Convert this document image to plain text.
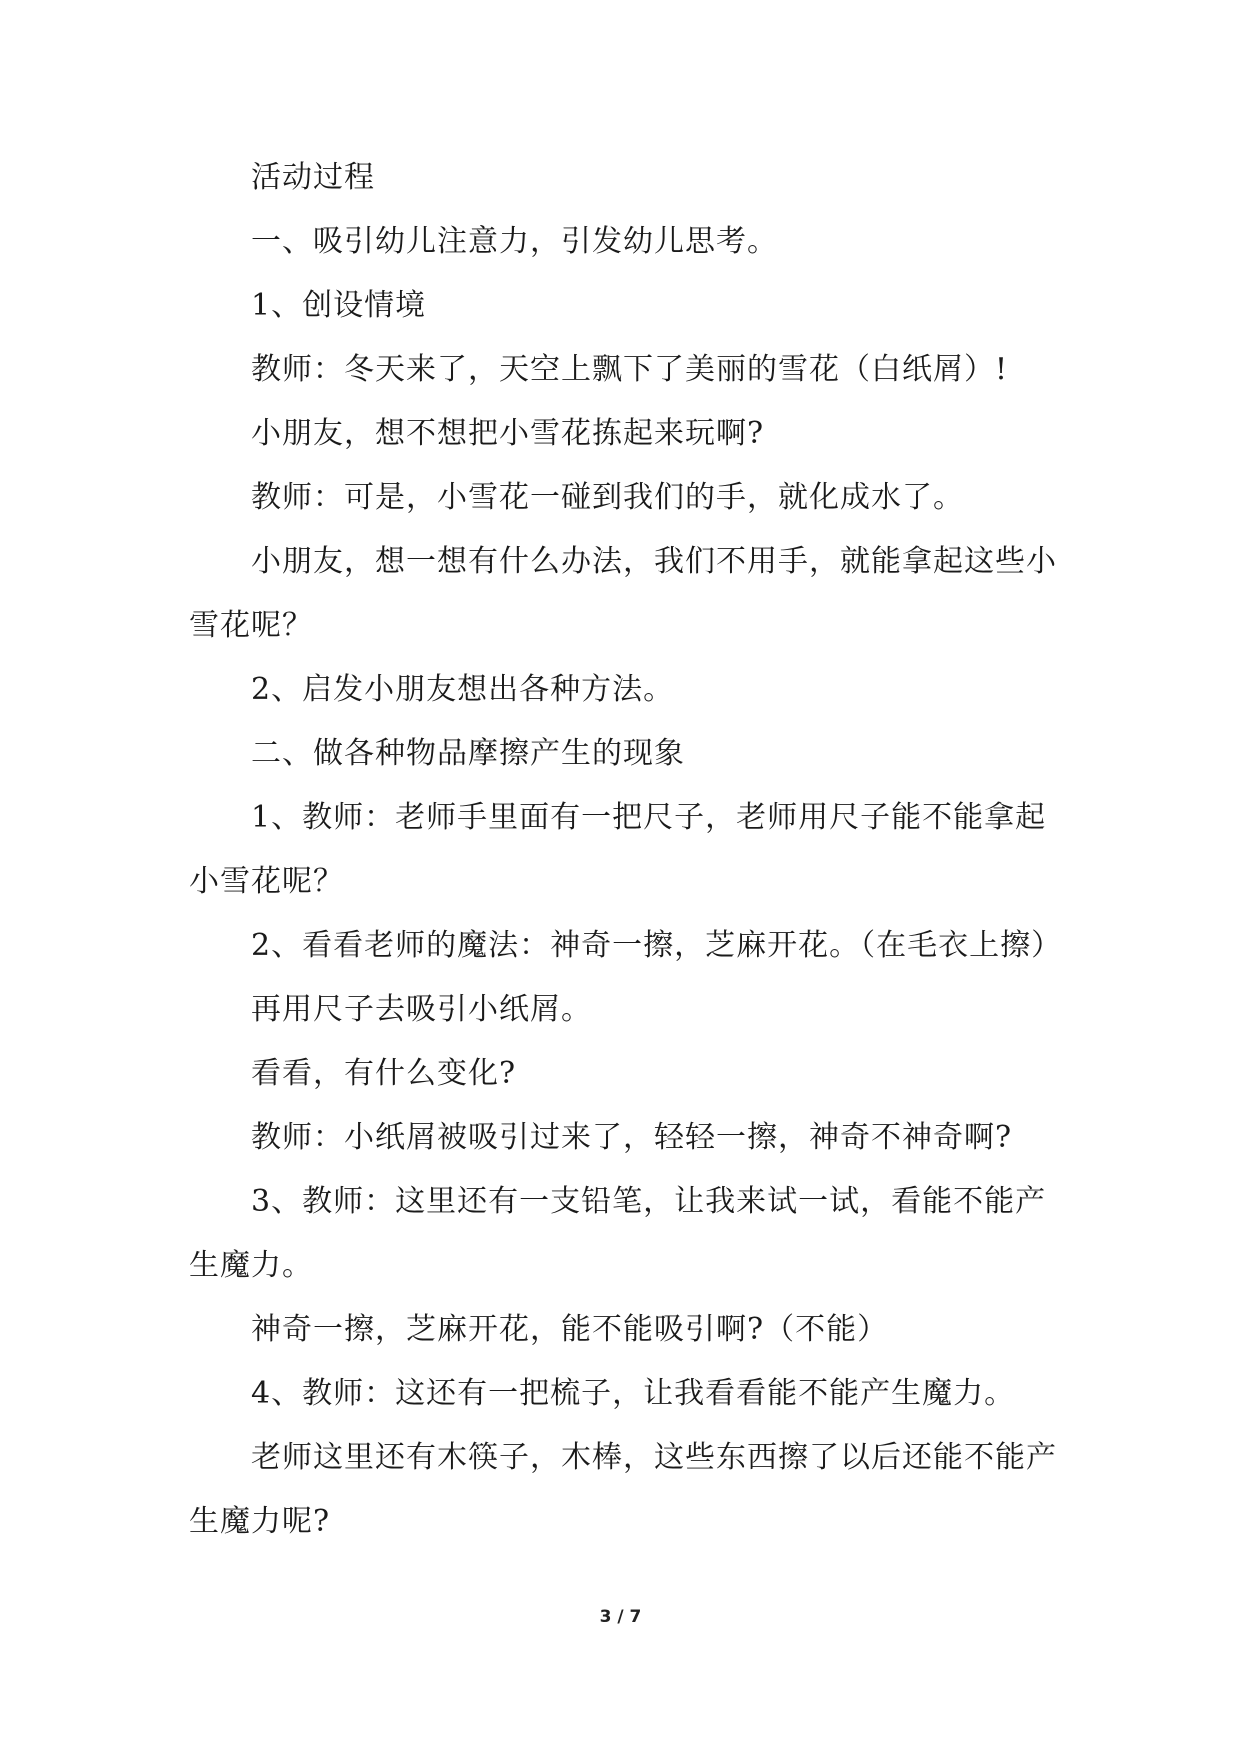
活动过程

一、吸引幼儿注意力，引发幼儿思考。

1、创设情境

教师：冬天来了，天空上飘下了美丽的雪花（白纸屑）!

小朋友，想不想把小雪花拣起来玩啊?

教师：可是，小雪花一碰到我们的手，就化成水了。

小朋友，想一想有什么办法，我们不用手，就能拿起这些小雪花呢？

2、启发小朋友想出各种方法。

二、做各种物品摩擦产生的现象

1、教师：老师手里面有一把尺子，老师用尺子能不能拿起小雪花呢？

2、看看老师的魔法：神奇一擦，芝麻开花。（在毛衣上擦）

再用尺子去吸引小纸屑。

看看，有什么变化?

教师：小纸屑被吸引过来了，轻轻一擦，神奇不神奇啊?

3、教师：这里还有一支铅笔，让我来试一试，看能不能产生魔力。

神奇一擦，芝麻开花，能不能吸引啊?（不能）

4、教师：这还有一把梳子，让我看看能不能产生魔力。

老师这里还有木筷子，木棒，这些东西擦了以后还能不能产生魔力呢?

3 / 7
